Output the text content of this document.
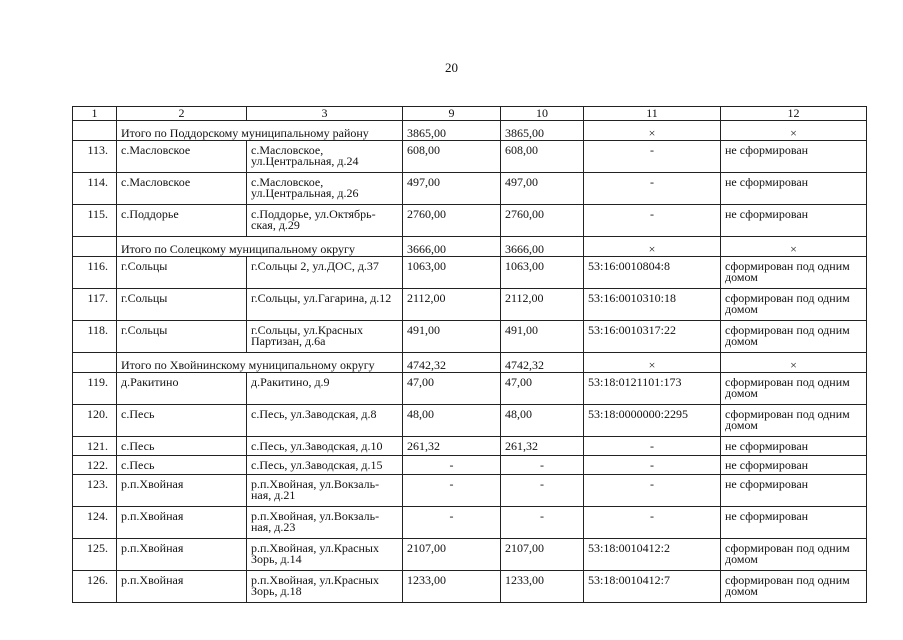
20
1	2	3	9	10	11	12
	Итого по Поддорскому муниципальному району		3865,00	3865,00	×	×
113.	с.Масловское	с.Масловское, ул.Центральная, д.24	608,00	608,00	-	не сформирован
114.	с.Масловское	с.Масловское, ул.Центральная, д.26	497,00	497,00	-	не сформирован
115.	с.Поддорье	с.Поддорье, ул.Октябрь-ская, д.29	2760,00	2760,00	-	не сформирован
	Итого по Солецкому муниципальному округу		3666,00	3666,00	×	×
116.	г.Сольцы	г.Сольцы 2, ул.ДОС, д.37	1063,00	1063,00	53:16:0010804:8	сформирован под одним домом
117.	г.Сольцы	г.Сольцы, ул.Гагарина, д.12	2112,00	2112,00	53:16:0010310:18	сформирован под одним домом
118.	г.Сольцы	г.Сольцы, ул.Красных Партизан, д.6а	491,00	491,00	53:16:0010317:22	сформирован под одним домом
	Итого по Хвойнинскому муниципальному округу		4742,32	4742,32	×	×
119.	д.Ракитино	д.Ракитино, д.9	47,00	47,00	53:18:0121101:173	сформирован под одним домом
120.	с.Песь	с.Песь, ул.Заводская, д.8	48,00	48,00	53:18:0000000:2295	сформирован под одним домом
121.	с.Песь	с.Песь, ул.Заводская, д.10	261,32	261,32	-	не сформирован
122.	с.Песь	с.Песь, ул.Заводская, д.15	-	-	-	не сформирован
123.	р.п.Хвойная	р.п.Хвойная, ул.Вокзаль-ная, д.21	-	-	-	не сформирован
124.	р.п.Хвойная	р.п.Хвойная, ул.Вокзаль-ная, д.23	-	-	-	не сформирован
125.	р.п.Хвойная	р.п.Хвойная, ул.Красных Зорь, д.14	2107,00	2107,00	53:18:0010412:2	сформирован под одним домом
126.	р.п.Хвойная	р.п.Хвойная, ул.Красных Зорь, д.18	1233,00	1233,00	53:18:0010412:7	сформирован под одним домом
